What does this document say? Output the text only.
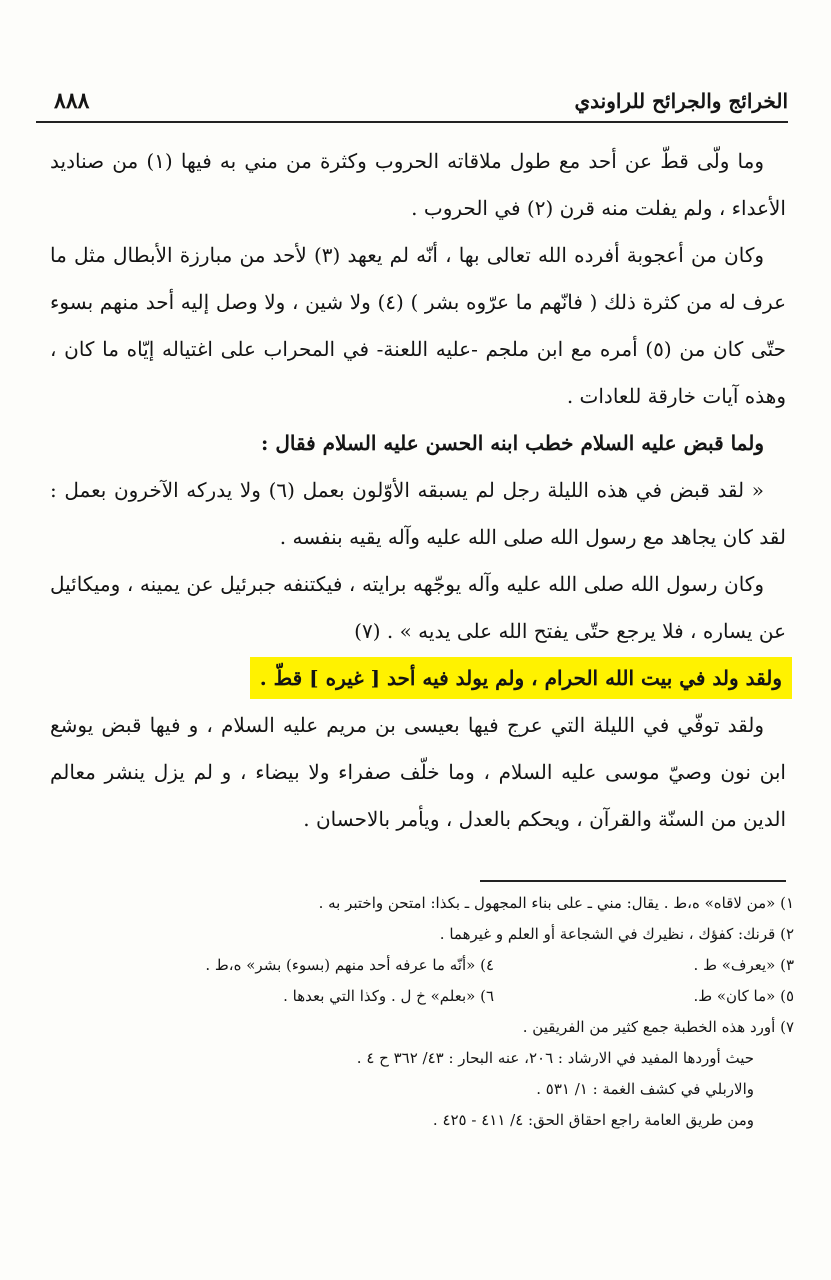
٨٨٨	الخرائج والجرائح للراوندي

وما ولّى قطّ عن أحد مع طول ملاقاته الحروب وكثرة من مني به فيها (١) من صناديد الأعداء ، ولم يفلت منه قرن (٢) في الحروب .

وكان من أعجوبة أفرده الله تعالى بها ، أنّه لم يعهد (٣) لأحد من مبارزة الأبطال مثل ما عرف له من كثرة ذلك ( فانّهم ما عرّوه بشر ) (٤) ولا شين ، ولا وصل إليه أحد منهم بسوء حتّى كان من (٥) أمره مع ابن ملجم -عليه اللعنة- في المحراب على اغتياله إيّاه ما كان ، وهذه آيات خارقة للعادات .

ولما قبض عليه السلام خطب ابنه الحسن عليه السلام فقال :

« لقد قبض في هذه الليلة رجل لم يسبقه الأوّلون بعمل (٦) ولا يدركه الآخرون بعمل : لقد كان يجاهد مع رسول الله صلى الله عليه وآله يقيه بنفسه .

وكان رسول الله صلى الله عليه وآله يوجّهه برايته ، فيكتنفه جبرئيل عن يمينه ، وميكائيل عن يساره ، فلا يرجع حتّى يفتح الله على يديه » . (٧)

ولقد ولد في بيت الله الحرام ، ولم يولد فيه أحد [ غيره ] قطّ .

ولقد توفّي في الليلة التي عرج فيها بعيسى بن مريم عليه السلام ، و فيها قبض يوشع ابن نون وصيّ موسى عليه السلام ، وما خلّف صفراء ولا بيضاء ، و لم يزل ينشر معالم الدين من السنّة والقرآن ، ويحكم بالعدل ، ويأمر بالاحسان .

١) «من لاقاه» ه،ط . يقال: مني ـ على بناء المجهول ـ بكذا: امتحن واختبر به .
٢) قرنك: كفؤك ، نظيرك في الشجاعة أو العلم و غيرهما .
٣) «يعرف» ط .
٤) «أنّه ما عرفه أحد منهم (بسوء) بشر» ه،ط .
٥) «ما كان» ط.
٦) «بعلم» خ ل . وكذا التي بعدها .
٧) أورد هذه الخطبة جمع كثير من الفريقين .
حيث أوردها المفيد في الارشاد : ٢٠٦، عنه البحار : ٤٣/ ٣٦٢ ح ٤ .
والاربلي في كشف الغمة : ١/ ٥٣١ .
ومن طريق العامة راجع احقاق الحق: ٤/ ٤١١ - ٤٢٥ .
